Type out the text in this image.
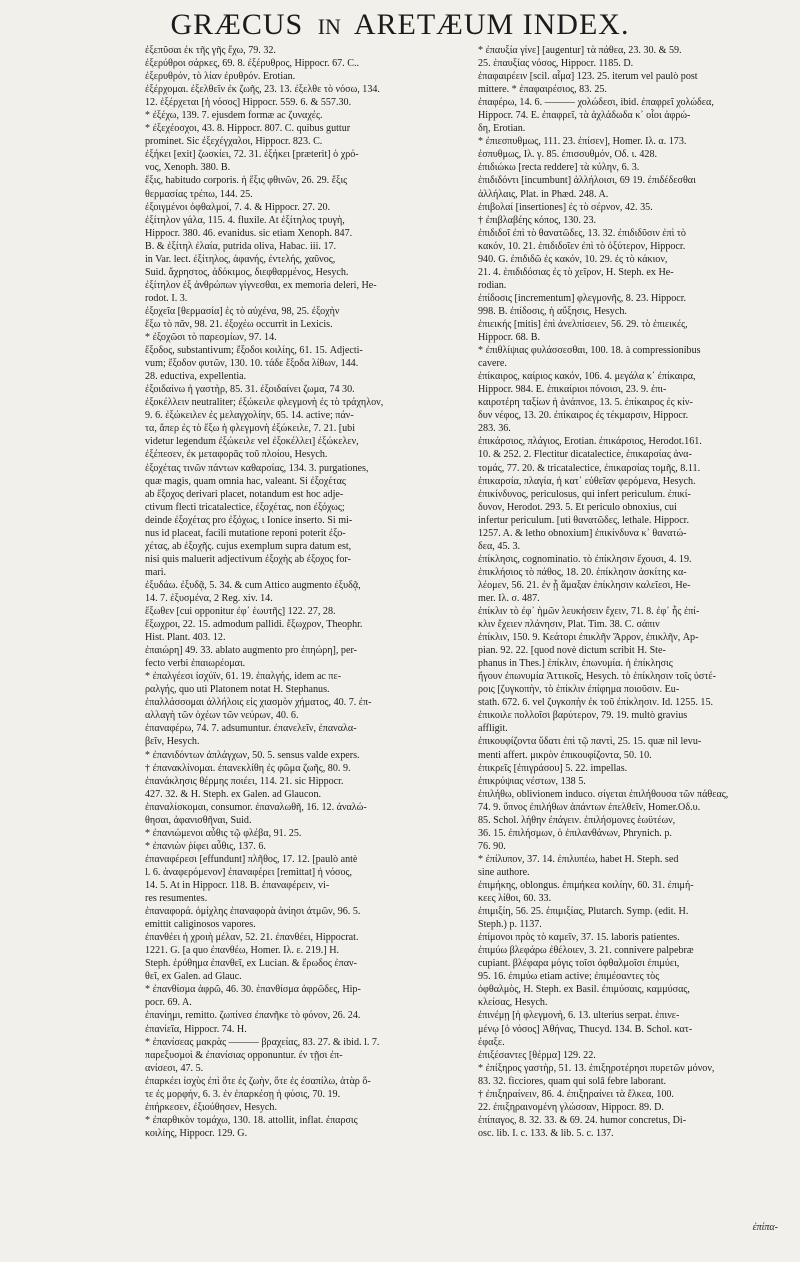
GRÆCUS IN ARETÆUM INDEX.
ἐξεπῦσαι ἐκ τῆς γῆς ἔχω, 79. 32.
ἐξερύθροι σάρκες, 69. 8. ἐξέρυθρος, Hippocr. 67. C..
ἐξερυθρόν, τὸ λίαν ἐρυθρόν. Erotian.
ἐξέρχομαι. ἐξελθεῖν ἐκ ζωῆς, 23. 13. ἐξελθε τὸ νόσω, 134.
12. ἐξέρχεται [ἡ νόσος] Hippocr. 559. 6. & 557.30.
* ἐξέχω, 139. 7. ejusdem formæ ac ζυναχές.
* ἐξεχέοσχοι, 43. 8. Hippocr. 807. C. quibus guttur
prominet. Sic ἐξεχέγχαλοι, Hippocr. 823. C.
ἐξήκει [exit] ζωσκίει, 72. 31. ἐξήκει [præterit] ὁ χρό-
νος, Xenoph. 380. B.
ἕξις, habitudo corporis. ἡ ἕξις φθινῶν, 26. 29. ἕξις
θερμασίας τρέπω, 144. 25.
ἐξοιγμένοι ὀφθαλμοί, 7. 4. & Hippocr. 27. 20.
ἐξίτηλον γάλα, 115. 4. fluxile. At ἐξίτηλος τρυγὴ,
Hippocr. 380. 46. evanidus. sic etiam Xenoph. 847.
B. & ἐξίτηλ ἐλαία, putrida oliva, Habac. iii. 17.
in Var. lect. ἐξίτηλος, ἀφανής, ἐντελής, χαῦνος,
Suid. ἄχρηστος, ἀδόκιμος, διεφθαρμένος, Hesych.
ἐξίτηλον ἐξ ἀνθρώπων γίγνεσθαι, ex memoria deleri, He-
rodot. I. 3.
ἐξοχεῖα [θερμασία] ἐς τὸ αὐχένα, 98, 25. ἐξοχὴν
ἔξω τὸ πᾶν, 98. 21. ἐξοχέω occurrit in Lexicis.
* ἐξοχῶσι τὸ παρεσμίων, 97. 14.
ἔξοδος, substantivum; ἔξοδοι κοιλίης, 61. 15. Adjecti-
vum; ἔξοδον φυτῶν, 130. 10. τάδε ἔξοδα λίθων, 144.
28. eductiva, expellentia.
ἐξοιδαίνω ἡ γαστὴρ, 85. 31. ἐξοιδαίνει ζωμα, 74 30.
ἐξοκέλλειν neutraliter; ἐξώκειλε φλεγμονὴ ἐς τὸ τράχηλον,
9. 6. ἐξώκειλεν ἐς μελαγχολίην, 65. 14. active; πάν-
τα, ἅπερ ἐς τὸ ἔξω ἡ φλεγμονὴ ἐξώκειλε, 7. 21. [ubi
videtur legendum ἐξώκειλε vel ἐξοκέλλει] ἐξώκελεν,
ἐξέπεσεν, ἐκ μεταφορᾶς τοῦ πλοίου, Hesych.
ἐξοχέτας τινῶν πάντων καθαρσίας, 134. 3. purgationes,
quæ magis, quam omnia hac, valeant. Si ἐξοχέτας
ab ἔξοχος derivari placet, notandum est hoc adje-
ctivum flecti tricatalectice, ἐξοχέτας, non ἐξόχως;
deinde ἐξοχέτας pro ἐξόχως, ι Ionice inserto. Si mi-
nus id placeat, facili mutatione reponi poterit ἐξο-
χέτας, ab ἐξοχῆς. cujus exemplum supra datum est,
nisi quis maluerit adjectivum ἐξοχὴς ab ἐξοχος for-
mari.
ἐξυδάω. ἐξυδᾷ, 5. 34. & cum Attico augmento ἐξυδᾷ,
14. 7. ἐξυσμένα, 2 Reg. xiv. 14.
ἔξωθεν [cui opponitur ἐφ᾽ ἑωυτῆς] 122. 27, 28.
ἔξωχροι, 22. 15. admodum pallidi. ἔξωχρον, Theophr.
Hist. Plant. 403. 12.
ἐπαιώρη] 49. 33. ablato augmento pro ἐπηώρη], per-
fecto verbi ἐπαιωρέομαι.
* ἐπαλγέεσι ἰσχύϊν, 61. 19. ἐπαλγής, idem ac πε-
ραλγής, quo uti Platonem notat H. Stephanus.
ἐπαλλάσσομαι ἀλλήλοις εἰς χιασμὸν χήματος, 40. 7. ἐπ-
αλλαγὴ τῶν ὀχέων τῶν νεύρων, 40. 6.
ἐπαναφέρω, 74. 7. adsumuntur. ἐπανελεῖν, ἐπαναλα-
βεῖν, Hesych.
* ἐπανιδόντων ἀπλάγχων, 50. 5. sensus valde expers.
† ἐπανακλίνομαι. ἐπανεκλίθη ἐς φῶμα ζωῆς, 80. 9.
ἐπανάκλησις θέρμης ποιέει, 114. 21. sic Hippocr.
427. 32. & H. Steph. ex Galen. ad Glaucon.
ἐπαναλίσκομαι, consumor. ἐπαναλωθῆ, 16. 12. ἀναλώ-
θησαι, ἀφανισθῆναι, Suid.
* ἐπανιώμενοι αὖθις τῷ φλέβα, 91. 25.
* ἐπανιὼν ῥίφει αὖθις, 137. 6.
ἐπαναφέρεσι [effundunt] πλῆθος, 17. 12. [paulò antè
l. 6. ἀναφερόμενον] ἐπαναφέρει [remittat] ἡ νόσος,
14. 5. At in Hippocr. 118. B. ἐπαναφέρειν, vi-
res resumentes.
ἐπαναφορά. ὁμίχλης ἐπαναφορὰ ἀνίησι ἀτμῶν, 96. 5.
emittit caliginosos vapores.
ἐπανθέει ἡ χροιὴ μέλαν, 52. 21. ἐπανθέει, Hippocrat.
1221. G. [a quo ἐπανθέω, Homer. Ιλ. ε. 219.] H.
Steph. ἐρύθημα ἐπανθεῖ, ex Lucian. & ἔρωδος ἐπαν-
θεῖ, ex Galen. ad Glauc.
* ἐπανθίσμα ἀφρῶ, 46. 30. ἐπανθίσμα ἀφρῶδες, Hip-
pocr. 69. A.
ἐπανίημι, remitto. ζωπίνεσ ἐπανῆκε τὸ φόνον, 26. 24.
ἐπανίεῖα, Hippocr. 74. H.
* ἐπανίσεας μακρὰς ——— βραχείας, 83. 27. & ibid. l. 7.
παρεξυσμοὶ & ἐπανίσιας opponuntur. ἐν τῇσι ἐπ-
ανίσεσι, 47. 5.
ἐπαρκέει ἰσχὺς ἐπὶ ὅτε ἐς ζωὴν, ὅτε ἐς ἐσαπίλω, ἀτὰρ ὅ-
τε ἐς μορφήν, 6. 3. ἐν ἐπαρκέσῃ ἡ φύσις, 70. 19.
ἐπήρκεσεν, ἐξιούθησεν, Hesych.
* ἐπαρθικὸν τομάχω, 130. 18. attollit, inflat. ἐπαρσις
κοιλίης, Hippocr. 129. G.
* ἐπαυξία γίνε] [augentur] τὰ πάθεα, 23. 30. & 59.
25. ἐπαυξίας νόσος, Hippocr. 1185. D.
ἐπαφαιρέειν [scil. αἷμα] 123. 25. iterum vel paulò post
mittere. * ἐπαφαιρέσιος, 83. 25.
ἐπαφέρω, 14. 6. ——— χολώδεσι, ibid. ἐπαφρεῖ χολώδεα,
Hippocr. 74. E. ἐπαφρεῖ, τὰ ἀχλάδωδα κ᾽ οἷοι ἀφρώ-
δη, Erotian.
* ἐπιεσπυθμως, 111. 23. ἐπίσεν], Homer. Ιλ. α. 173.
ἐσπυθμως, Ιλ. γ. 85. ἐπισσυθμόν, Οδ. ι. 428.
ἐπιδιώκω [recta reddere] τὰ κύλην, 6. 3.
ἐπιδιδόντι [incumbunt] ἀλλήλοισι, 69 19. ἐπιδέδεσθαι
ἀλλήλαις, Plat. in Phæd. 248. A.
ἐπιβολαί [insertiones] ἐς τὸ σέρνον, 42. 35.
† ἐπιβλαβέης κόπος, 130. 23.
ἐπιδιδοῖ ἐπὶ τὸ θανατῶδες, 13. 32. ἐπιδιδῦσιν ἐπὶ τὸ
κακόν, 10. 21. ἐπιδιδοῖεν ἐπὶ τὸ ὀξύτερον, Hippocr.
940. G. ἐπιδιδῶ ἐς κακόν, 10. 29. ἐς τὸ κάκιον,
21. 4. ἐπιδιδόσιας ἐς τὸ χεῖρον, H. Steph. ex He-
rodian.
ἐπίδοσις [incrementum] φλεγμονῆς, 8. 23. Hippocr.
998. B. ἐπίδοσις, ἡ αὔξησις, Hesych.
ἐπιεικής [mitis] ἐπὶ ἀνελπίσειεν, 56. 29. τὸ ἐπιεικές,
Hippocr. 68. B.
* ἐπιθλίψιας φυλάσσεσθαι, 100. 18. à compressionibus
cavere.
ἐπίκαιρος, καίριος κακόν, 106. 4. μεγάλα κ᾽ ἐπίκαιρα,
Hippocr. 984. E. ἐπικαίριοι πόνοισι, 23. 9. ἐπι-
καιροτέρη ταξίων ἡ ἀνάπνοε, 13. 5. ἐπίκαιρος ἐς κίν-
δυν νέφος, 13. 20. ἐπίκαιρος ἐς τέκμαρσιν, Hippocr.
283. 36.
ἐπικάρσιος, πλάγιος, Erotian. ἐπικάρσιος, Herodot.161.
10. & 252. 2. Flectitur dicatalectice, ἐπικαρσίας ἀνα-
τομάς, 77. 20. & tricatalectice, ἐπικαρσίας τομῆς, 8.11.
ἐπικαρσία, πλαγία, ἡ κατ᾽ εὐθεῖαν φερόμενα, Hesych.
ἐπικίνδυνος, periculosus, qui infert periculum. ἐπικί-
δυνον, Herodot. 293. 5. Et periculo obnoxius, cui
infertur periculum. [uti θανατῶδες, lethale. Hippocr.
1257. A. & letho obnoxium] ἐπικίνδυνα κ᾽ θανατώ-
δεα, 45. 3.
ἐπίκλησις, cognominatio. τὸ ἐπίκλησιν ἔχουσι, 4. 19.
ἐπικλήσιος τὸ πάθος, 18. 20. ἐπίκλησιν ἀσκίτης κα-
λέομεν, 56. 21. ἐν ᾗ ἅμαξαν ἐπίκλησιν καλεῖεσι, He-
mer. Ιλ. σ. 487.
ἐπίκλιν τὸ ἐφ᾽ ἡμῶν λευκήσειν ἔχειν, 71. 8. ἐφ᾽ ἧς ἐπί-
κλιν ἔχειεν πλάνησιν, Plat. Tim. 38. C. σάπιν
ἐπίκλιν, 150. 9. Κεάτορι ἐπικλῆν Ἄρρον, ἐπικλῆν, Ap-
pian. 92. 22. [quod novè dictum scribit H. Ste-
phanus in Thes.] ἐπίκλιν, ἐπωνυμία. ἡ ἐπίκλησις
ἤγουν ἐπωνυμία Ἀττικοῖς, Hesych. τὸ ἐπίκλησιν τοῖς ὑστέ-
ροις [ζυγκοπὴν, τὸ ἐπίκλιν ἐπίφημα ποιοῦσιν. Eu-
stath. 672. 6. vel ζυγκοπὴν ἐκ τοῦ ἐπίκλησιν. Id. 1255. 15.
ἐπικοιλε πολλοῖσι βαρύτερον, 79. 19. multò gravius
affligit.
ἐπικουφίζοντα ὕδατι ἐπὶ τῷ παντὶ, 25. 15. quæ nil levu-
menti affert. μικρὸν ἐπικουφίζοντα, 50. 10.
ἐπικρεῖς [ἐπιγράσου] 5. 22. impellas.
ἐπικρύψιας νέστων, 138 5.
ἐπιλήθω, oblivionem induco. σίγεται ἐπιλήθουσα τῶν πάθεας,
74. 9. ὕπνος ἐπιλήθων ἁπάντων ἐπελθεῖν, Homer.Οδ.υ.
85. Schol. λήθην ἐπάγειν. ἐπιλήσμονες ἑωϋτέων,
36. 15. ἐπιλήσμων, ὁ ἐπιλανθάνων, Phrynich. p.
76. 90.
* ἐπίλυπον, 37. 14. ἐπιλυπέω, habet H. Steph. sed
sine authore.
ἐπιμήκης, oblongus. ἐπιμήκεα κοιλίην, 60. 31. ἐπιμή-
κεες λίθοι, 60. 33.
ἐπιμιξίη, 56. 25. ἐπιμιξίας, Plutarch. Symp. (edit. H.
Steph.) p. 1137.
ἐπίμονοι πρὸς τὸ καμεῖν, 37. 15. laboris patientes.
ἐπιμύω βλεφάρω ἐθέλοιεν, 3. 21. connivere palpebræ
cupiant. βλέφαρα μόγις τοῖσι ὀφθαλμοῖσι ἐπιμύει,
95. 16. ἐπιμύω etiam active; ἐπιμέσαντες τὸς
ὀφθαλμὸς, H. Steph. ex Basil. ἐπιμύσαις, καμμύσας,
κλείσας, Hesych.
ἐπινέμῃ [ἡ φλεγμονὴ, 6. 13. ulterius serpat. ἐπινε-
μένῳ [ὁ νόσος] Ἀθήνας, Thucyd. 134. B. Schol. κατ-
έφαξε.
ἐπιξέσαντες [θέρμα] 129. 22.
* ἐπίξηρος γαστὴρ, 51. 13. ἐπιξηροτέρησι πυρετῶν μόνον,
83. 32. ficciores, quam qui solâ febre laborant.
† ἐπιξηραίνειν, 86. 4. ἐπιξηραίνει τὰ ἕλκεα, 100.
22. ἐπιξηραινομένη γλώσσαν, Hippocr. 89. D.
ἐπίπαγος, 8. 32. 33. & 69. 24. humor concretus, Di-
osc. lib. I. c. 133. & lib. 5. c. 137.
ἐπίπα-
